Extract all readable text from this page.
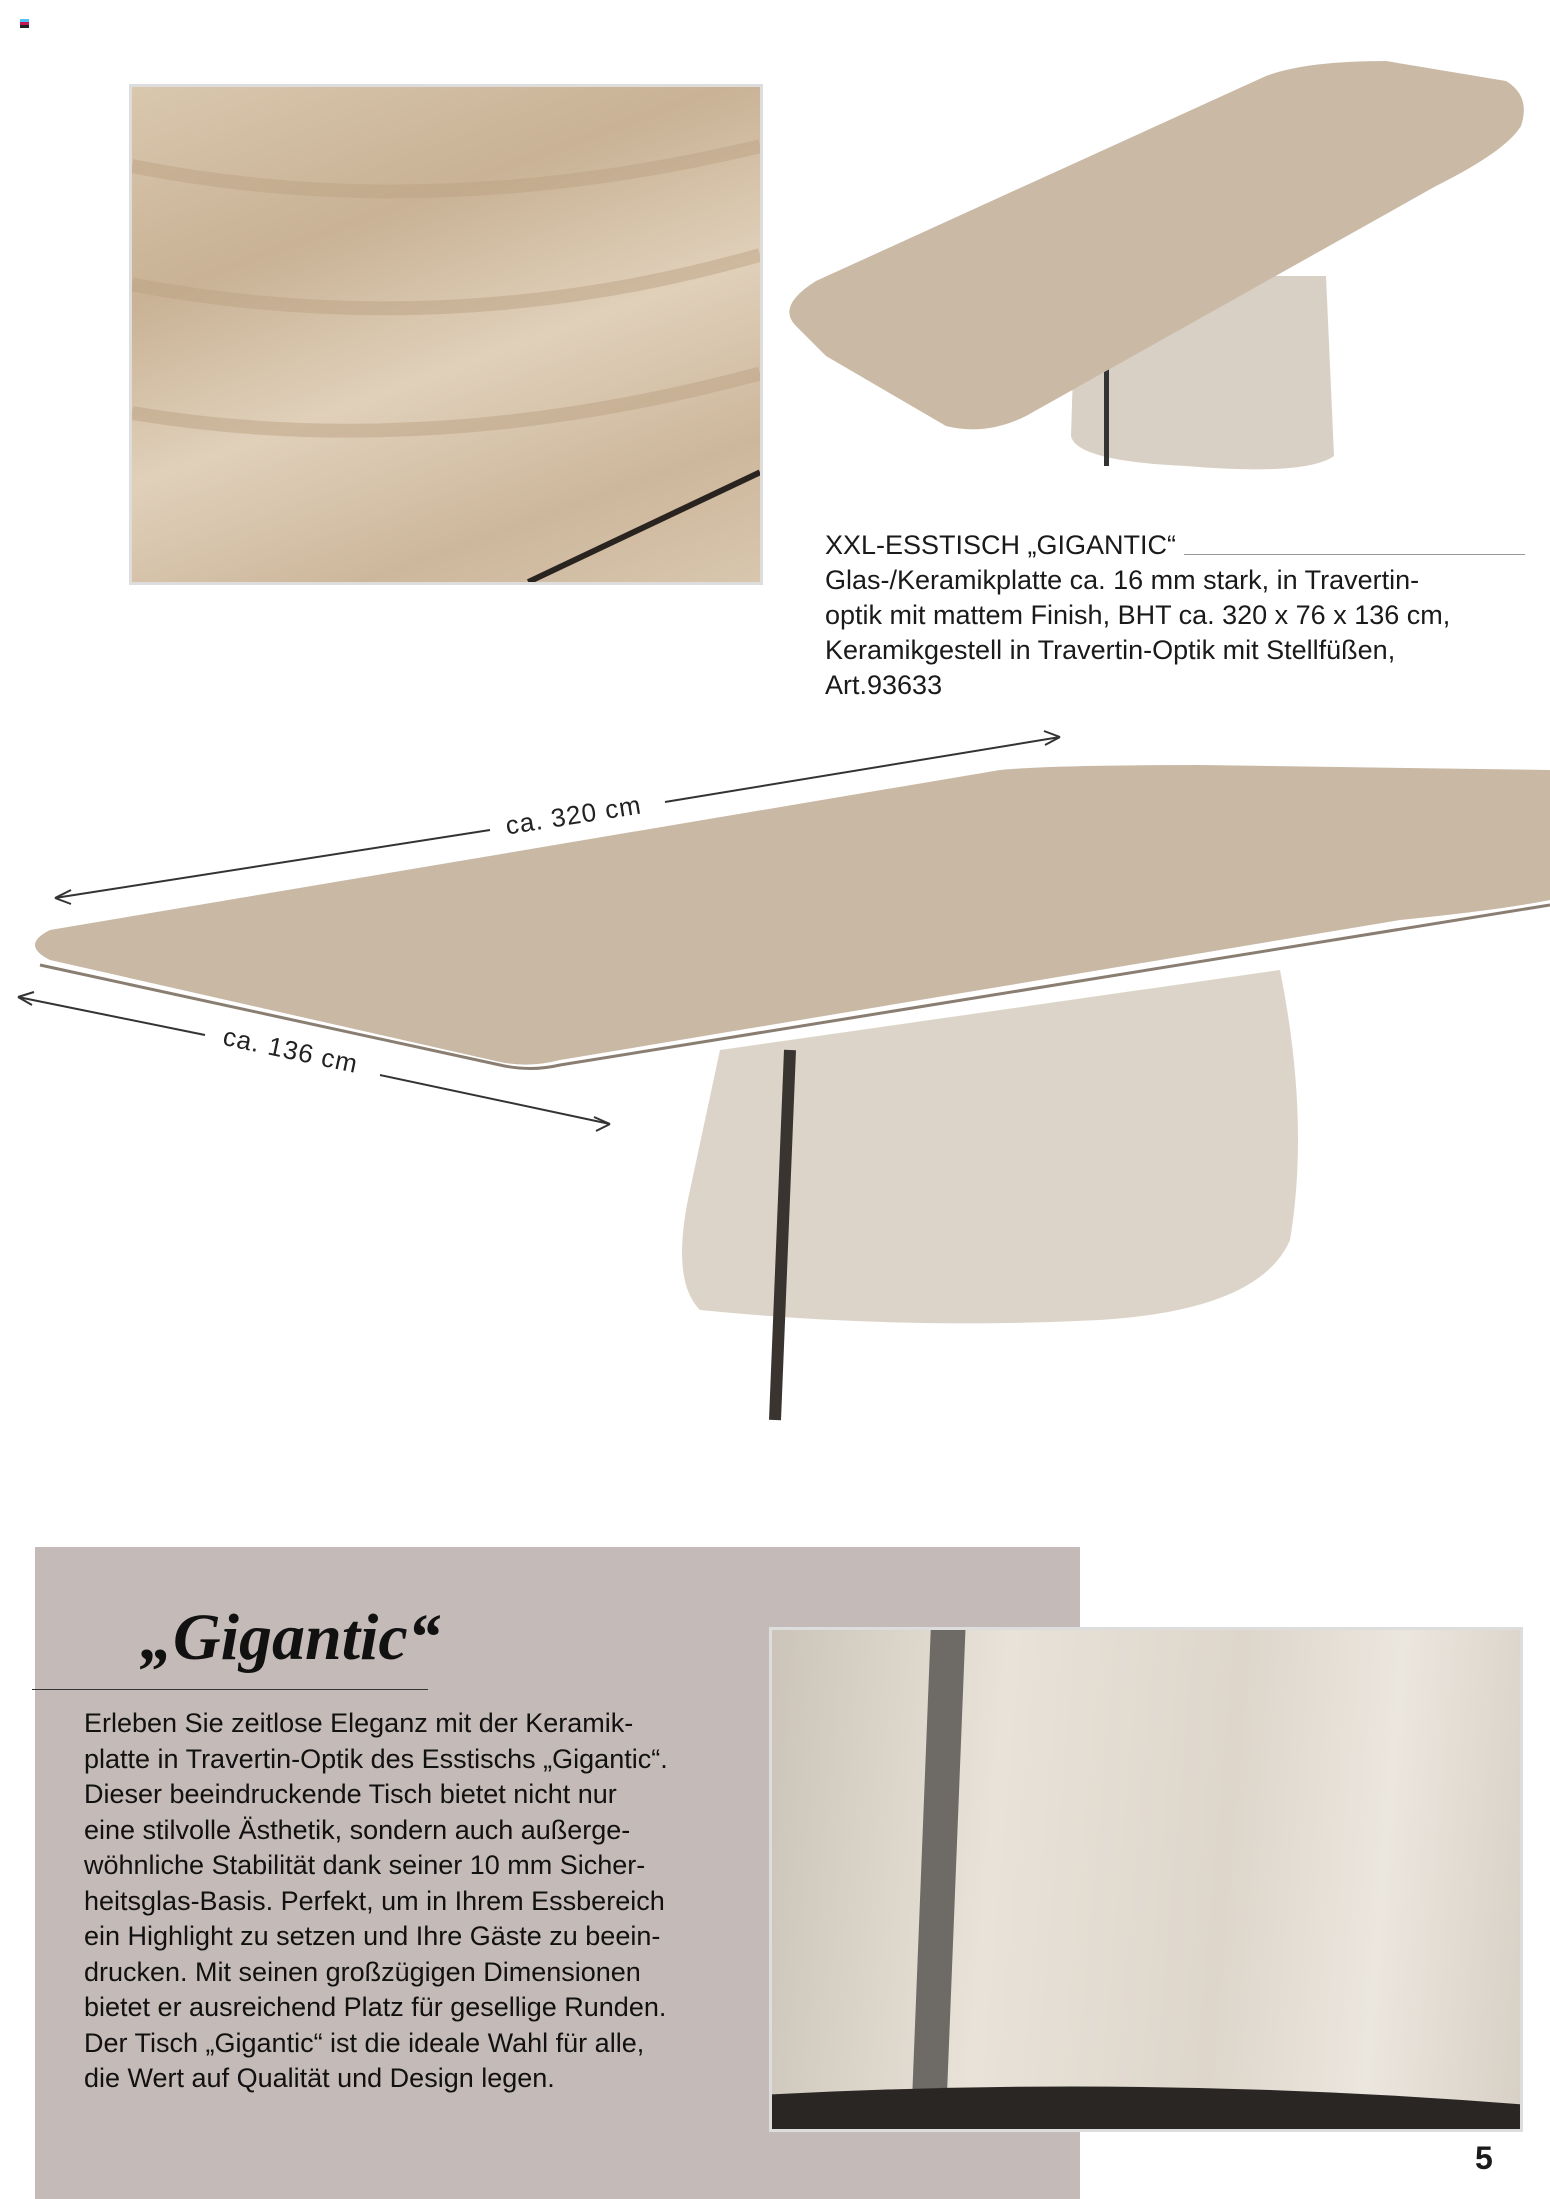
XXL-ESSTISCH „GIGANTIC“
Glas-/Keramikplatte ca. 16 mm stark, in Travertin-
optik mit mattem Finish, BHT ca. 320 x 76 x 136 cm,
Keramikgestell in Travertin-Optik mit Stellfüßen,
Art.93633
ca. 320 cm
ca. 136 cm
„Gigantic“
Erleben Sie zeitlose Eleganz mit der Keramik-
platte in Travertin-Optik des Esstischs „Gigantic“.
Dieser beeindruckende Tisch bietet nicht nur
eine stilvolle Ästhetik, sondern auch außerge-
wöhnliche Stabilität dank seiner 10 mm Sicher-
heitsglas-Basis. Perfekt, um in Ihrem Essbereich
ein Highlight zu setzen und Ihre Gäste zu beein-
drucken. Mit seinen großzügigen Dimensionen
bietet er ausreichend Platz für gesellige Runden.
Der Tisch „Gigantic“ ist die ideale Wahl für alle,
die Wert auf Qualität und Design legen.
5
